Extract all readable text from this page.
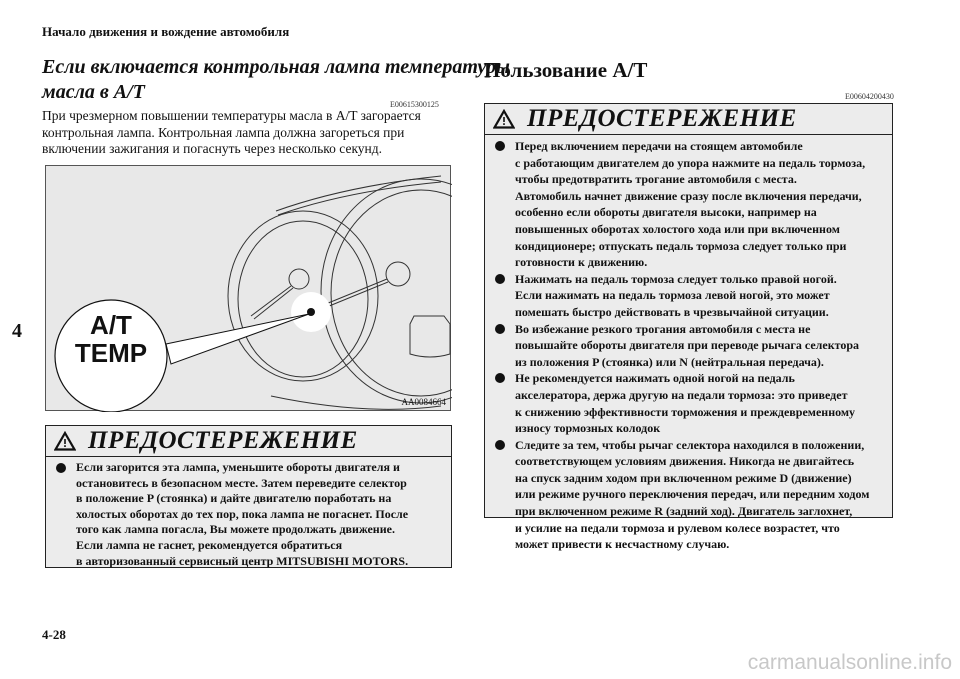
Начало движения и вождение автомобиля
Если включается контрольная лампа температуры
масла в A/T
E00615300125
При чрезмерном повышении температуры масла в A/T загорается
контрольная лампа. Контрольная лампа должна загореться при
включении зажигания и погаснуть через несколько секунд.
A/T
TEMP
AA0084664
ПРЕДОСТЕРЕЖЕНИЕ
Если загорится эта лампа, уменьшите обороты двигателя и
остановитесь в безопасном месте. Затем переведите селектор
в положение P (стоянка) и дайте двигателю поработать на
холостых оборотах до тех пор, пока лампа не погаснет. После
того как лампа погасла, Вы можете продолжать движение.
Если лампа не гаснет, рекомендуется обратиться
в авторизованный сервисный центр MITSUBISHI MOTORS.
Пользование A/T
E00604200430
ПРЕДОСТЕРЕЖЕНИЕ
Перед включением передачи на стоящем автомобиле
с работающим двигателем до упора нажмите на педаль тормоза,
чтобы предотвратить трогание автомобиля с места.
Автомобиль начнет движение сразу после включения передачи,
особенно если обороты двигателя высоки, например на
повышенных оборотах холостого хода или при включенном
кондиционере; отпускать педаль тормоза следует только при
готовности к движению.
Нажимать на педаль тормоза следует только правой ногой.
Если нажимать на педаль тормоза левой ногой, это может
помешать быстро действовать в чрезвычайной ситуации.
Во избежание резкого трогания автомобиля с места не
повышайте обороты двигателя при переводе рычага селектора
из положения P (стоянка) или N (нейтральная передача).
Не рекомендуется нажимать одной ногой на педаль
акселератора, держа другую на педали тормоза: это приведет
к снижению эффективности торможения и преждевременному
износу тормозных колодок
Следите за тем, чтобы рычаг селектора находился в положении,
соответствующем условиям движения. Никогда не двигайтесь
на спуск задним ходом при включенном режиме D (движение)
или режиме ручного переключения передач, или передним ходом
при включенном режиме R (задний ход). Двигатель заглохнет,
и усилие на педали тормоза и рулевом колесе возрастет, что
может привести к несчастному случаю.
4
4-28
carmanualsonline.info
